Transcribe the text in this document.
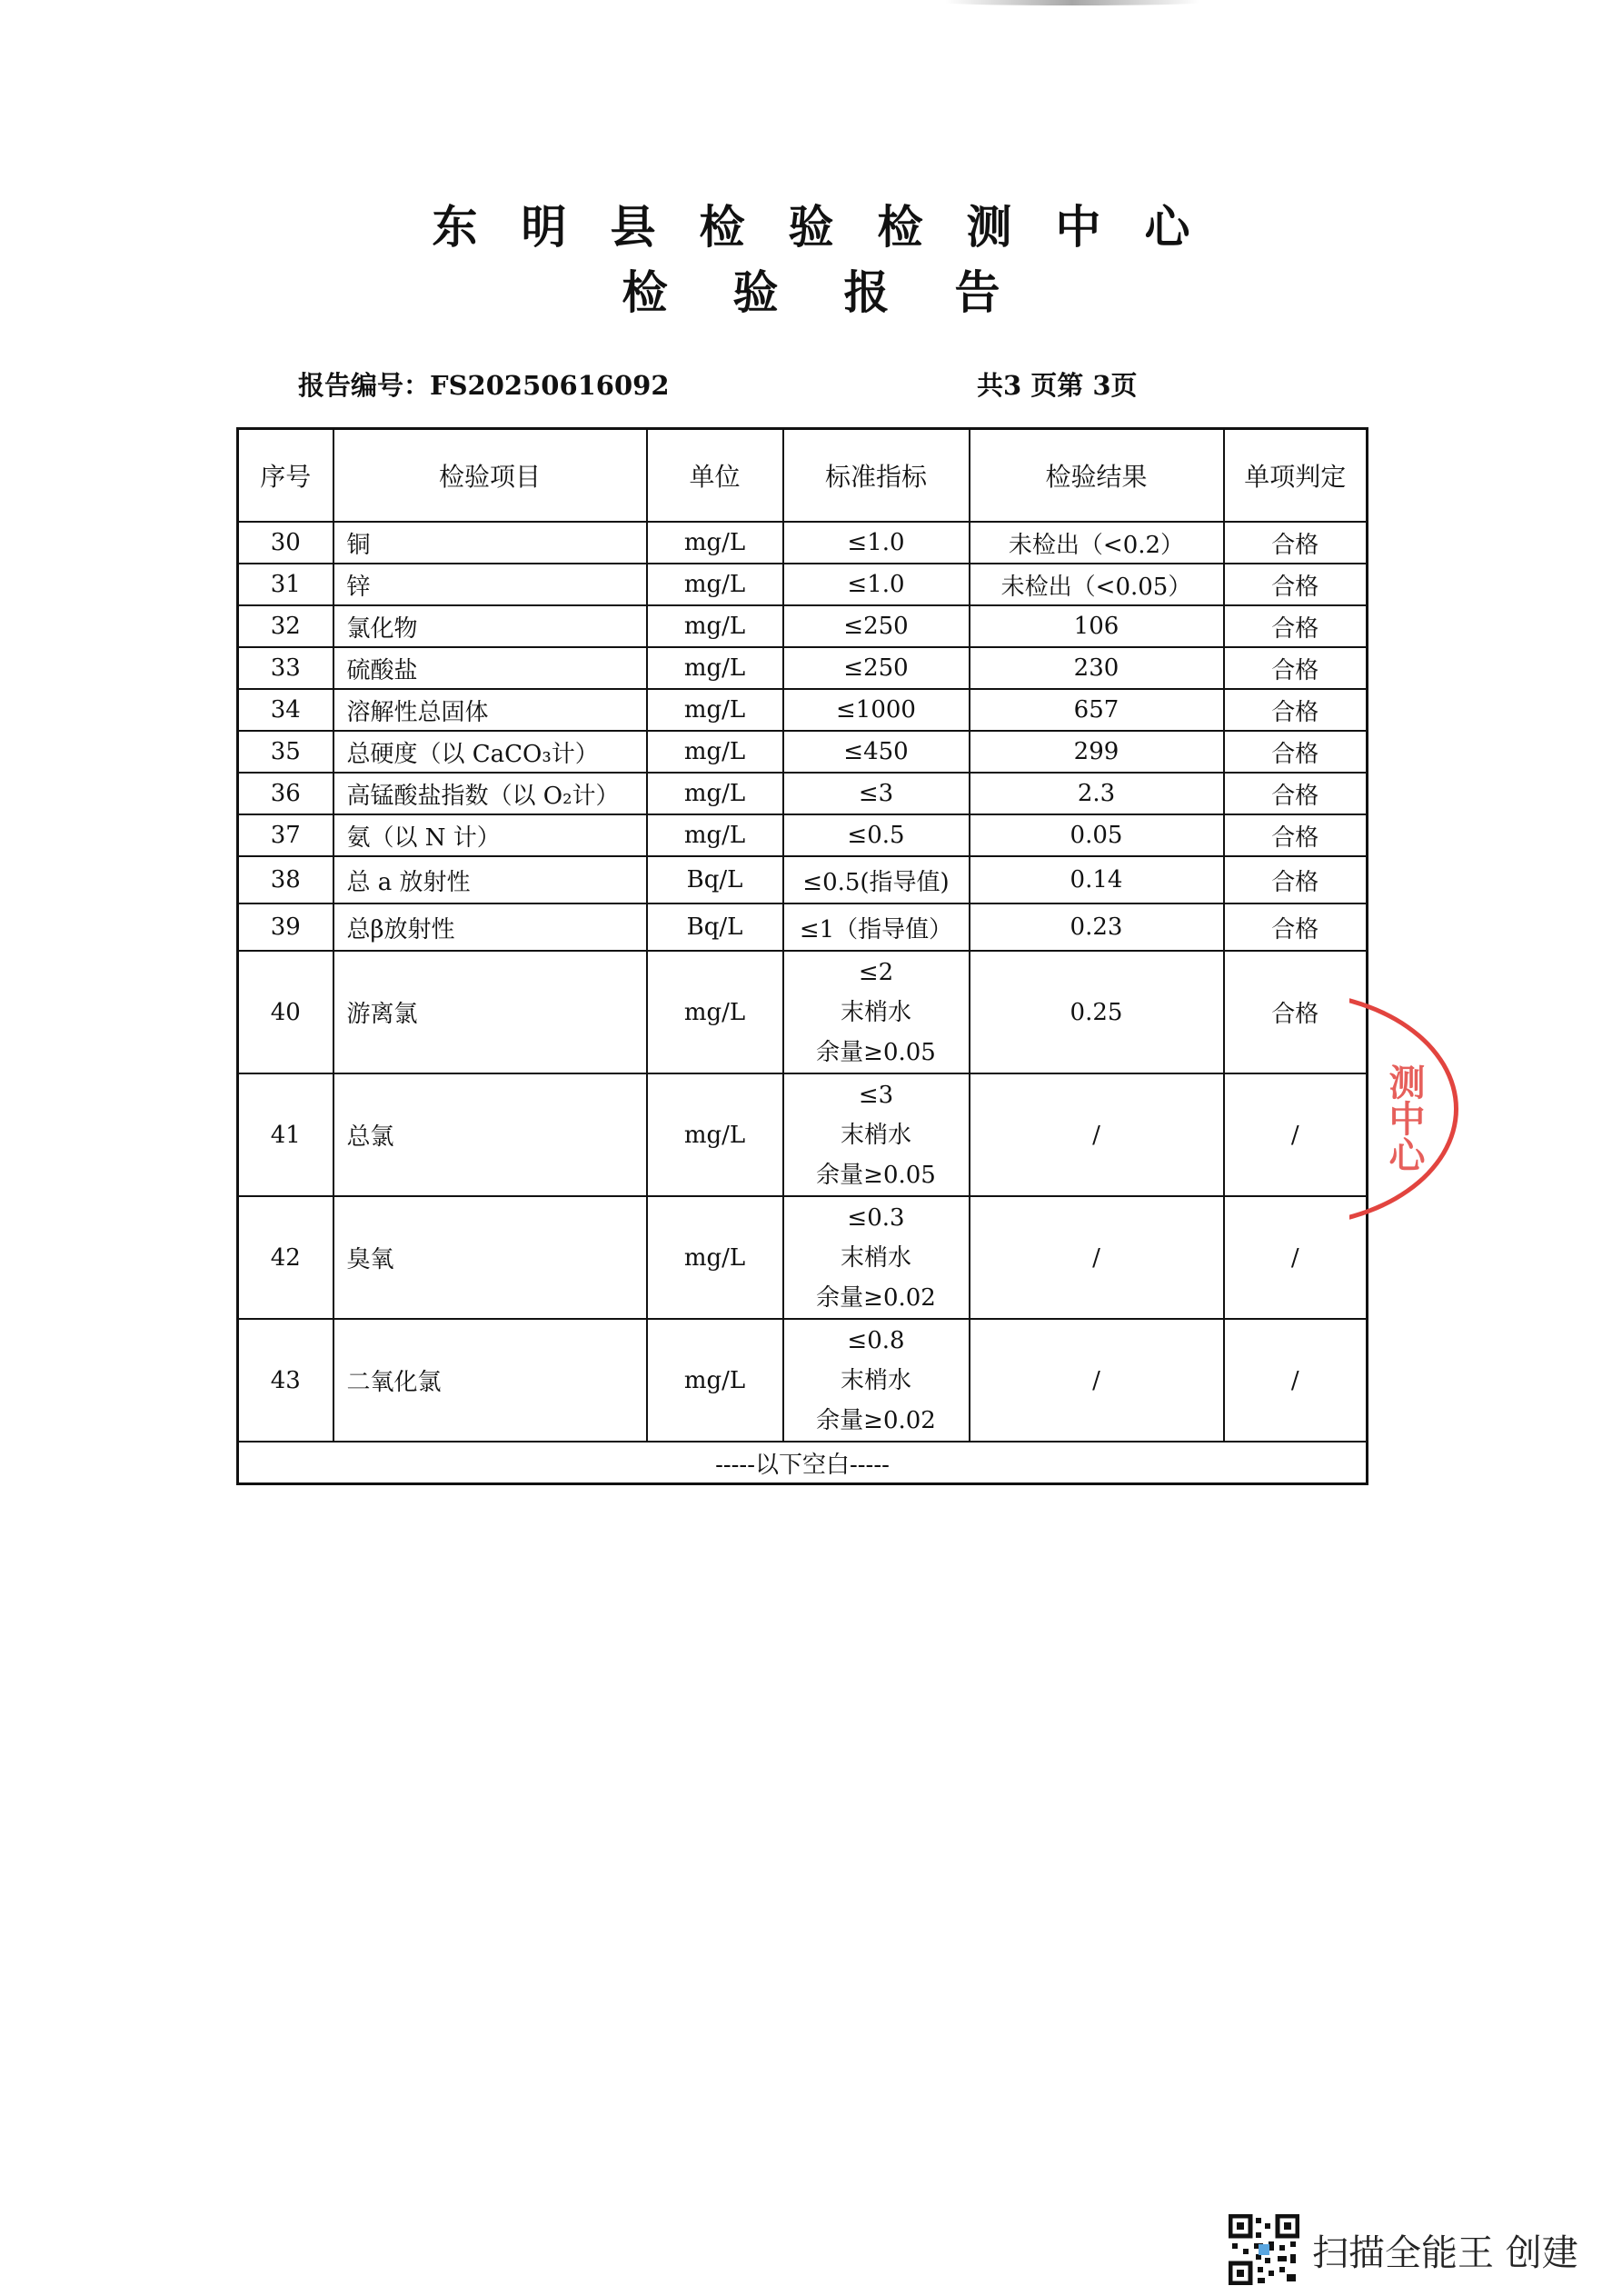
东明县检验检测中心
检验报告
报告编号： FS20250616092	共3 页第 3页
序号	检验项目	单位	标准指标	检验结果	单项判定
30	铜	mg/L	≤1.0	未检出（<0.2）	合格
31	锌	mg/L	≤1.0	未检出（<0.05）	合格
32	氯化物	mg/L	≤250	106	合格
33	硫酸盐	mg/L	≤250	230	合格
34	溶解性总固体	mg/L	≤1000	657	合格
35	总硬度（以 CaCO₃计）	mg/L	≤450	299	合格
36	高锰酸盐指数（以 O₂计）	mg/L	≤3	2.3	合格
37	氨（以 N 计）	mg/L	≤0.5	0.05	合格
38	总 a 放射性	Bq/L	≤0.5(指导值)	0.14	合格
39	总β放射性	Bq/L	≤1（指导值）	0.23	合格
40	游离氯	mg/L	≤2
末梢水
余量≥0.05	0.25	合格
41	总氯	mg/L	≤3
末梢水
余量≥0.05	/	/
42	臭氧	mg/L	≤0.3
末梢水
余量≥0.02	/	/
43	二氧化氯	mg/L	≤0.8
末梢水
余量≥0.02	/	/
-----以下空白-----					
测中心
扫描全能王 创建
